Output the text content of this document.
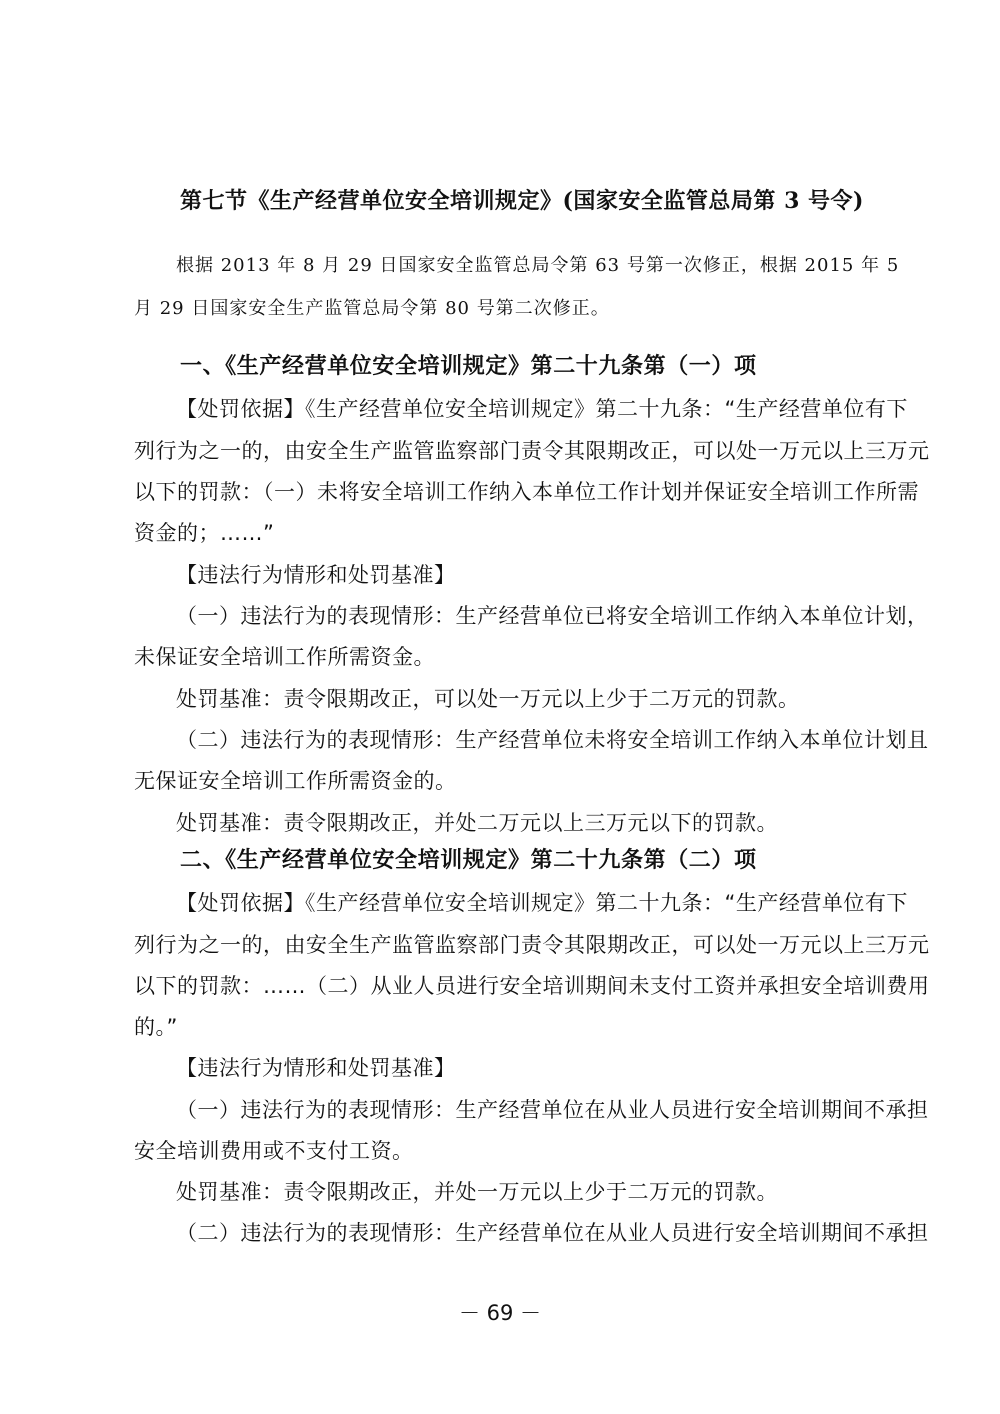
第七节《生产经营单位安全培训规定》(国家安全监管总局第 3 号令)
根据 2013 年 8 月 29 日国家安全监管总局令第 63 号第一次修正，根据 2015 年 5
月 29 日国家安全生产监管总局令第 80 号第二次修正。
一、《生产经营单位安全培训规定》第二十九条第（一）项
【处罚依据】《生产经营单位安全培训规定》第二十九条：“生产经营单位有下
列行为之一的，由安全生产监管监察部门责令其限期改正，可以处一万元以上三万元
以下的罚款：（一）未将安全培训工作纳入本单位工作计划并保证安全培训工作所需
资金的；……”
【违法行为情形和处罚基准】
（一）违法行为的表现情形：生产经营单位已将安全培训工作纳入本单位计划，
未保证安全培训工作所需资金。
处罚基准：责令限期改正，可以处一万元以上少于二万元的罚款。
（二）违法行为的表现情形：生产经营单位未将安全培训工作纳入本单位计划且
无保证安全培训工作所需资金的。
处罚基准：责令限期改正，并处二万元以上三万元以下的罚款。
二、《生产经营单位安全培训规定》第二十九条第（二）项
【处罚依据】《生产经营单位安全培训规定》第二十九条：“生产经营单位有下
列行为之一的，由安全生产监管监察部门责令其限期改正，可以处一万元以上三万元
以下的罚款：……（二）从业人员进行安全培训期间未支付工资并承担安全培训费用
的。”
【违法行为情形和处罚基准】
（一）违法行为的表现情形：生产经营单位在从业人员进行安全培训期间不承担
安全培训费用或不支付工资。
处罚基准：责令限期改正，并处一万元以上少于二万元的罚款。
（二）违法行为的表现情形：生产经营单位在从业人员进行安全培训期间不承担
－ 69 －
